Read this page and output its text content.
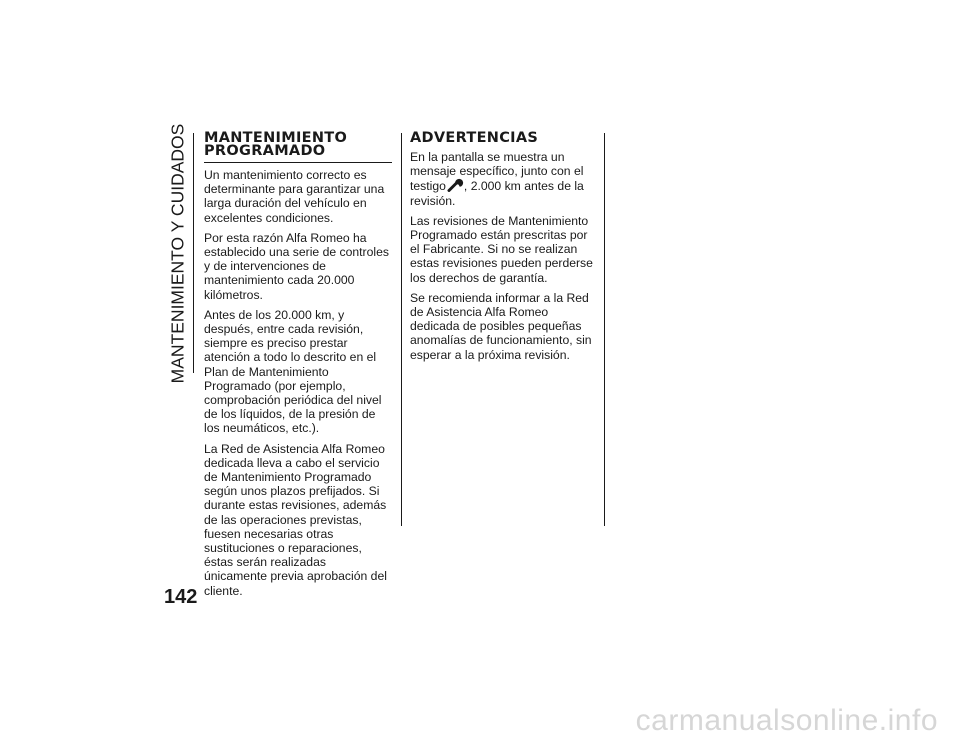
MANTENIMIENTO Y CUIDADOS
142
MANTENIMIENTO
PROGRAMADO

Un mantenimiento correcto es determinante para garantizar una larga duración del vehículo en excelentes condiciones.

Por esta razón Alfa Romeo ha establecido una serie de controles y de intervenciones de mantenimiento cada 20.000 kilómetros.

Antes de los 20.000 km, y después, entre cada revisión, siempre es preciso prestar atención a todo lo descrito en el Plan de Mantenimiento Programado (por ejemplo, comprobación periódica del nivel de los líquidos, de la presión de los neumáticos, etc.).

La Red de Asistencia Alfa Romeo dedicada lleva a cabo el servicio de Mantenimiento Programado según unos plazos prefijados. Si durante estas revisiones, además de las operaciones previstas, fuesen necesarias otras sustituciones o reparaciones, éstas serán realizadas únicamente previa aprobación del cliente.

ADVERTENCIAS

En la pantalla se muestra un mensaje específico, junto con el testigo , 2.000 km antes de la revisión.

Las revisiones de Mantenimiento Programado están prescritas por el Fabricante. Si no se realizan estas revisiones pueden perderse los derechos de garantía.

Se recomienda informar a la Red de Asistencia Alfa Romeo dedicada de posibles pequeñas anomalías de funcionamiento, sin esperar a la próxima revisión.

carmanualsonline.info
